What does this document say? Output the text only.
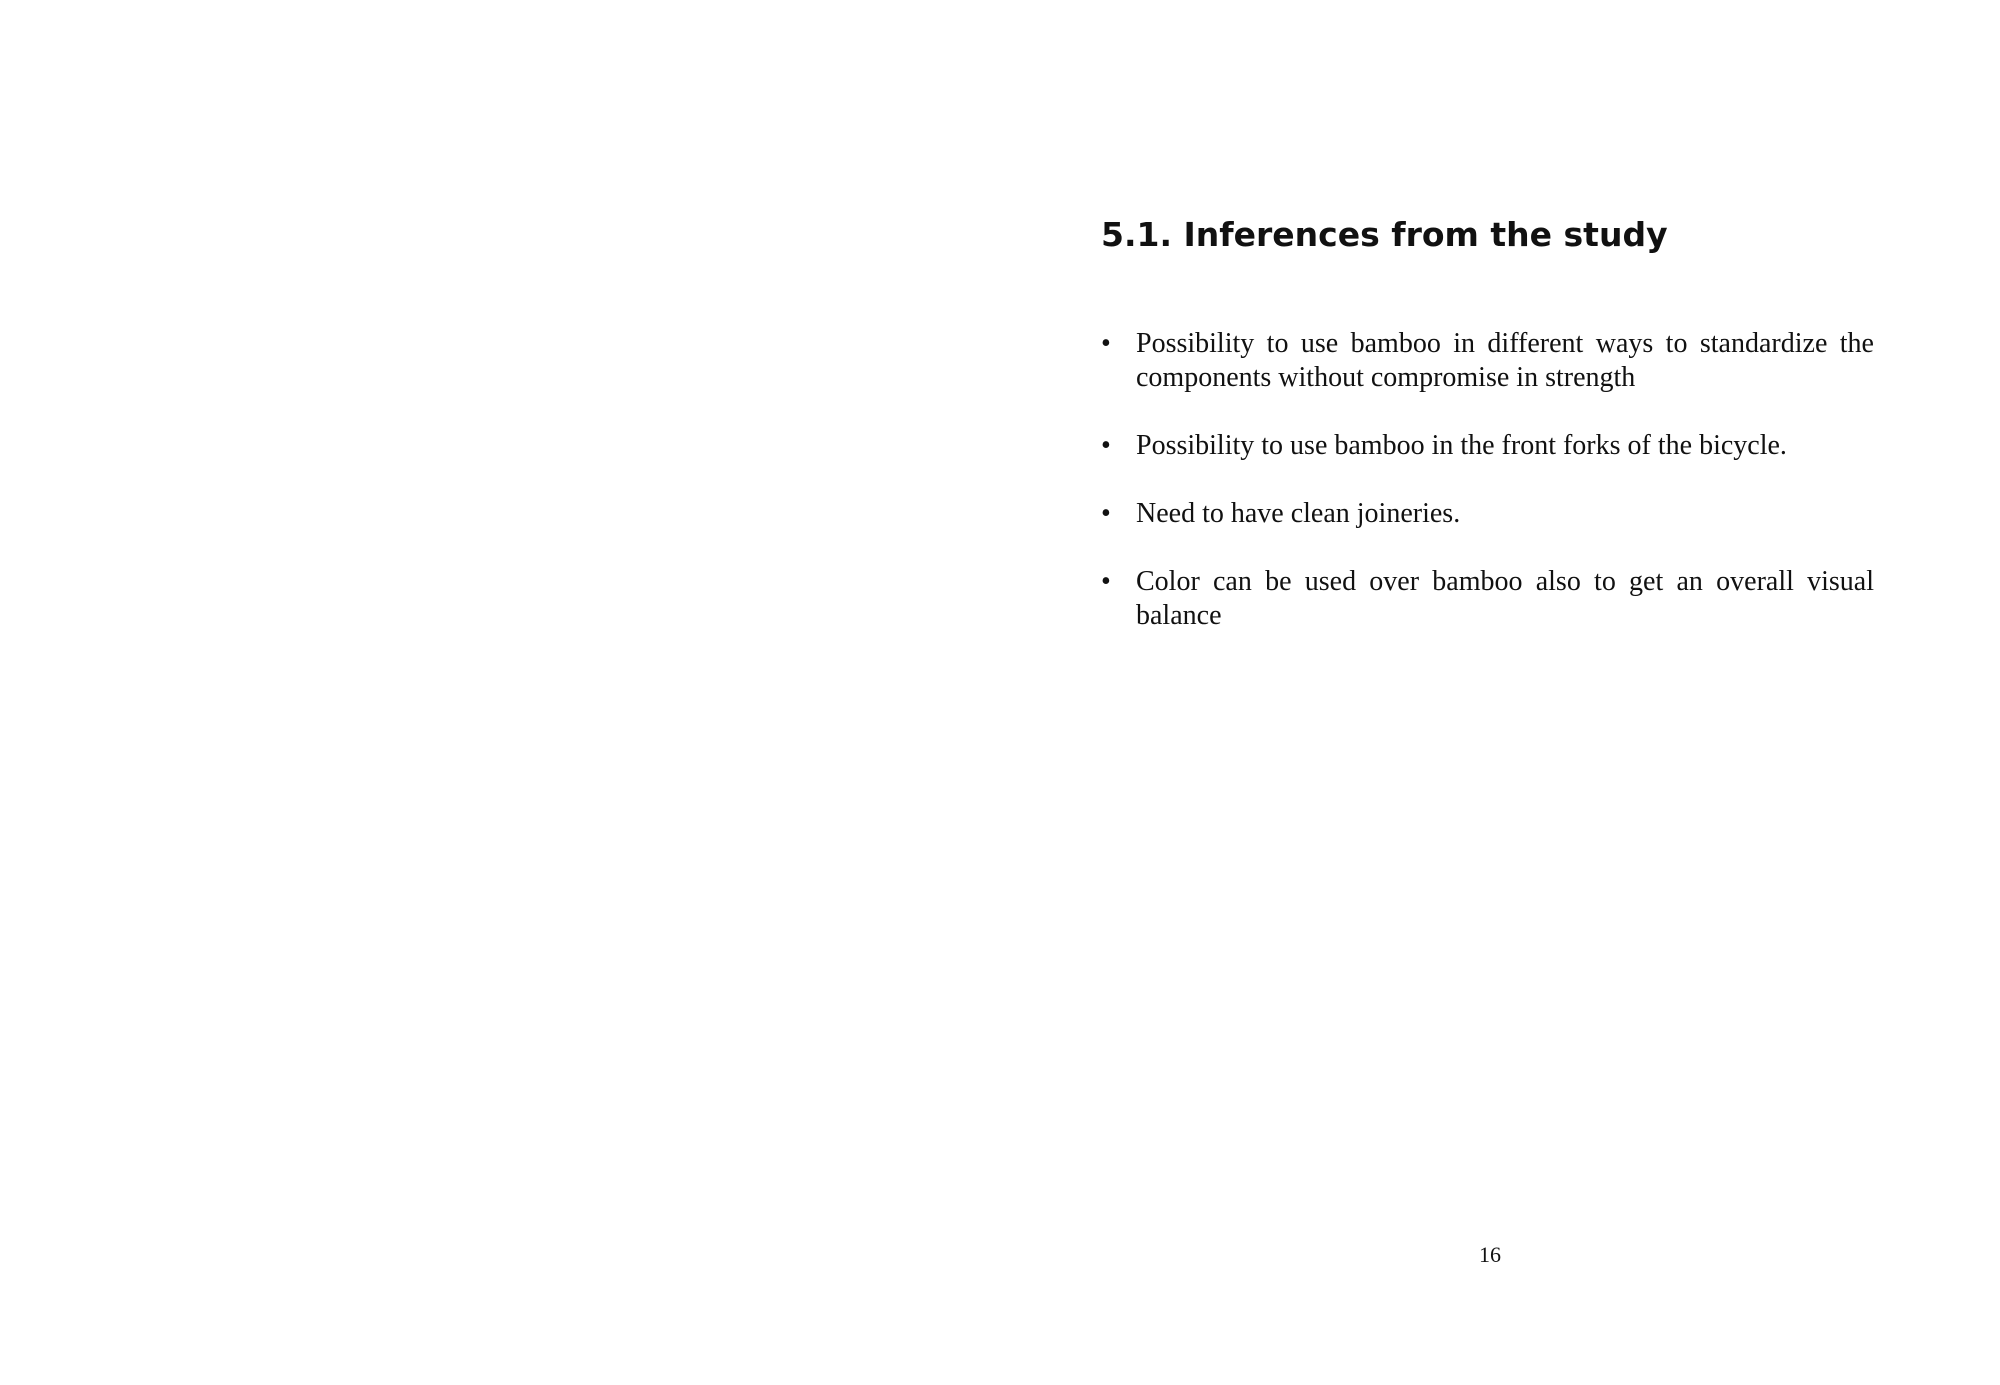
5.1. Inferences from the study
• Possibility to use bamboo in different ways to standardize the components without compromise in strength
• Possibility to use bamboo in the front forks of the bicycle.
• Need to have clean joineries.
• Color can be used over bamboo also to get an overall visual balance
16
